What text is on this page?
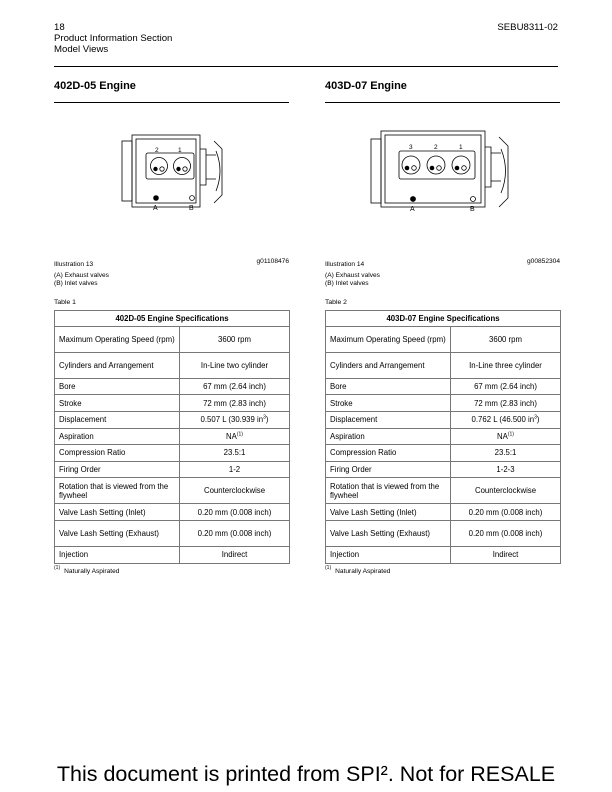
18
Product Information Section
Model Views
SEBU8311-02
402D-05 Engine
2	1
A	B
Illustration 13	g01108476
(A) Exhaust valves
(B) Inlet valves
Table 1
402D-05 Engine Specifications	
Maximum Operating Speed (rpm)	3600 rpm
Cylinders and Arrangement	In-Line two cylinder
Bore	67 mm (2.64 inch)
Stroke	72 mm (2.83 inch)
Displacement	0.507 L (30.939 $in^3$)
Aspiration	NA$^{(1)}$
Compression Ratio	23.5:1
Firing Order	1-2
Rotation that is viewed from the flywheel	Counterclockwise
Valve Lash Setting (Inlet)	0.20 mm (0.008 inch)
Valve Lash Setting (Exhaust)	0.20 mm (0.008 inch)
Injection	Indirect
$^{(1)}$ Naturally Aspirated
403D-07 Engine
3	2	1
A	B
Illustration 14	g00852304
(A) Exhaust valves
(B) Inlet valves
Table 2
403D-07 Engine Specifications	
Maximum Operating Speed (rpm)	3600 rpm
Cylinders and Arrangement	In-Line three cylinder
Bore	67 mm (2.64 inch)
Stroke	72 mm (2.83 inch)
Displacement	0.762 L (46.500 $in^3$)
Aspiration	NA$^{(1)}$
Compression Ratio	23.5:1
Firing Order	1-2-3
Rotation that is viewed from the flywheel	Counterclockwise
Valve Lash Setting (Inlet)	0.20 mm (0.008 inch)
Valve Lash Setting (Exhaust)	0.20 mm (0.008 inch)
Injection	Indirect
$^{(1)}$ Naturally Aspirated
This document is printed from SPI². Not for RESALE
